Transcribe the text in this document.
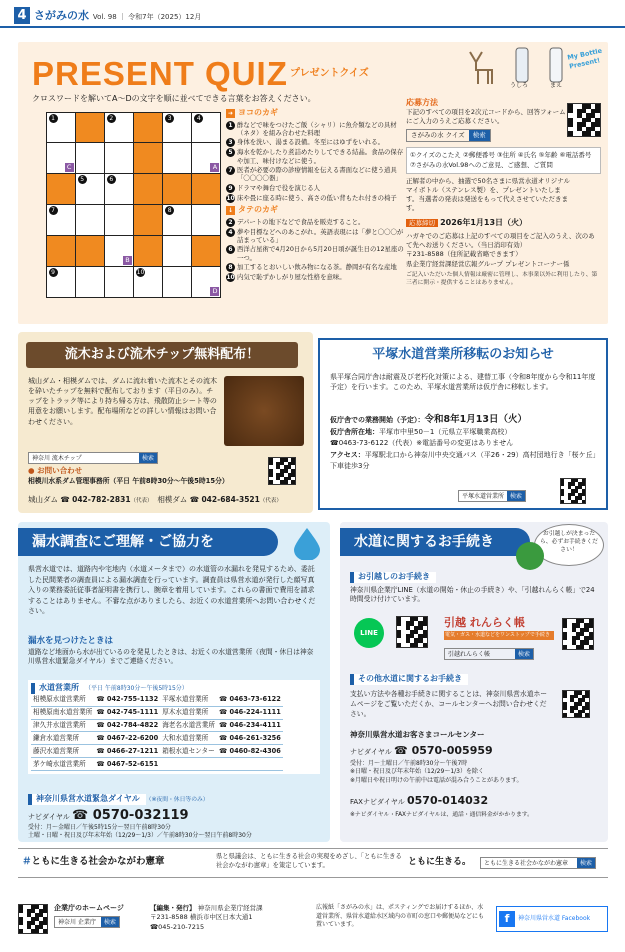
4 さがみの水 Vol. 98 ｜ 令和7年（2025）12月
PRESENT QUIZ プレゼントクイズ
うしろ	まえ
My Bottle Present!
クロスワードを解いてA～Dの文字を順に並べてできる言葉をお答えください。
1	2	3	4
C	A
5	6
7	8
B
9	10
D
➜ ヨコのカギ
1 酢などで味をつけたご飯（シャリ）に魚介類などの具材（ネタ）を組み合わせた料理
3 身体を洗い、湯まる設備。冬至にはゆずをいれる。
5 海水を乾かしたり煮詰めたりしてできる結晶。食品の保存や加工、味付けなどに使う。
7 医者が必要の際の診療情報を伝える書面などに使う道具「〇〇〇〇器」
9 ドラマや舞台で役を演じる人
10 床や畳に座る時に使う、高さの低い背もたれ付きの椅子
↓ タテのカギ
2 デパートの地下などで食品を販売すること。
4 夢や目標などへのあこがれ。英語表現には「夢と〇〇〇が詰まっている」
6 西洋占星術で4月20日から5月20日頃が誕生日の12星座の一つ。
8 加工するとおいしい飲み物になる茶。静岡が有名な産地
10 内気で恥ずかしがり屋な性格を意味。
応募方法
下記のすべての項目を2次元コードから、回答フォームにご入力のうえご応募ください。
さがみの水 クイズ	検索
①クイズのこたえ ②郵便番号 ③住所 ④氏名 ⑤年齢 ⑥電話番号 ⑦さがみの水Vol.98へのご意見、ご感想、ご質問
正解者の中から、抽選で50名さまに県営水道オリジナルマイボトル（ステンレス製）を、プレゼントいたします。当選者の発表は発送をもって代えさせていただきます。
応募締切 2026年1月13日（火）
ハガキでのご応募は上記のすべての項目をご記入のうえ、次のあて先へお送りください。（当日消印有効）
〒231-8588（住所記載省略できます）
県企業庁経営課経営広報グループ プレゼントコーナー係
ご記入いただいた個人情報は厳密に管理し、本事業以外に利用したり、第三者に開示・提供することはありません。
流木および流木チップ無料配布！
城山ダム・相模ダムでは、ダムに流れ着いた流木とその流木を砕いたチップを無料で配布しております（平日のみ）。チップをトラック等により持ち帰る方は、飛散防止シート等の用意をお願いします。配布場所などの詳しい情報はお問い合わせください。
神奈川 流木チップ	検索
● お問い合わせ
相模川水系ダム管理事務所（平日 午前8時30分～午後5時15分）
城山ダム ☎ 042-782-2831（代表）　 相模ダム ☎ 042-684-3521（代表）
平塚水道営業所移転のお知らせ
県平塚合同庁舎は耐震及び老朽化対策による、建替工事（令和8年度から令和11年度予定）を行います。このため、平塚水道営業所は仮庁舎に移転します。
仮庁舎での業務開始（予定）：令和8年1月13日（火）
仮庁舎所在地：平塚市中里50－1（元県立平塚職業高校）
☎0463-73-6122（代表）※電話番号の変更はありません
アクセス：平塚駅北口から神奈川中央交通バス（平26・29）高村団地行き「桜ケ丘」下車徒歩3分
平塚水道営業所	検索
漏水調査にご理解・ご協力を
県営水道では、道路内や宅地内（水道メータまで）の水道管の水漏れを発見するため、委託した民間業者の調査員による漏水調査を行っています。調査員は県営水道が発行した顔写真入りの業務委託従事者証明書を携行し、腕章を着用しています。これらの書面で費用を請求することはありません。不審な点がありましたら、お近くの水道営業所へお問い合わせください。
漏水を見つけたときは
道路など地面から水が出ているのを発見したときは、お近くの水道営業所（夜間・休日は神奈川県営水道緊急ダイヤル）までご連絡ください。
水道営業所 （平日 午前8時30分～午後5時15分）
相模原水道営業所	☎ 042-755-1132	平塚水道営業所	☎ 0463-73-6122
相模原南水道営業所	☎ 042-745-1111	厚木水道営業所	☎ 046-224-1111
津久井水道営業所	☎ 042-784-4822	海老名水道営業所	☎ 046-234-4111
鎌倉水道営業所	☎ 0467-22-6200	大和水道営業所	☎ 046-261-3256
藤沢水道営業所	☎ 0466-27-1211	箱根水道センター	☎ 0460-82-4306
茅ケ崎水道営業所	☎ 0467-52-6151		
神奈川県営水道緊急ダイヤル （※夜間・休日等のみ）
ナビダイヤル ☎ 0570-032119
受付：月～金曜日／午後5時15分～翌日午前8時30分
土曜・日曜・祝日及び年末年始（12/29～1/3）／午前8時30分～翌日午前8時30分
水道に関するお手続き	お引越しが決まったら、必ずお手続きください！
お引越しのお手続き
神奈川県企業庁LINE（水道の開始・休止の手続き）や、「引越れんらく帳」で24時間受け付けています。
LINE
引越 れんらく帳
電気・ガス・水道などをワンストップで手続き
引越れんらく帳	検索
その他水道に関するお手続き
支払い方法や各種お手続きに関することは、神奈川県営水道ホームページをご覧いただくか、コールセンターへお問い合わせください。
神奈川県営水道お客さまコールセンター
ナビダイヤル ☎ 0570-005959
受付：月～土曜日／午前8時30分～午後7時
※日曜・祝日及び年末年始（12/29～1/3）を除く
※月曜日や祝日明けの午前中は電話が混み合うことがあります。
FAXナビダイヤル 0570-014032
※ナビダイヤル・FAXナビダイヤルは、通話・通信料金がかかります。
＃ともに生きる社会かながわ憲章	県と県議会は、ともに生きる社会の実現をめざし、「ともに生きる社会かながわ憲章」を策定しています。	ともに生きる。	ともに生きる社会かながわ憲章	検索
企業庁のホームページ
神奈川 企業庁	検索
【編集・発行】 神奈川県企業庁経営課
〒231-8588 横浜市中区日本大通1
☎045-210-7215
広報紙「さがみの水」は、ポスティングでお届けするほか、水道営業所、県営水道給水区域内の市町の窓口や郵便局などにも置いています。	f	神奈川県営水道 Facebook
